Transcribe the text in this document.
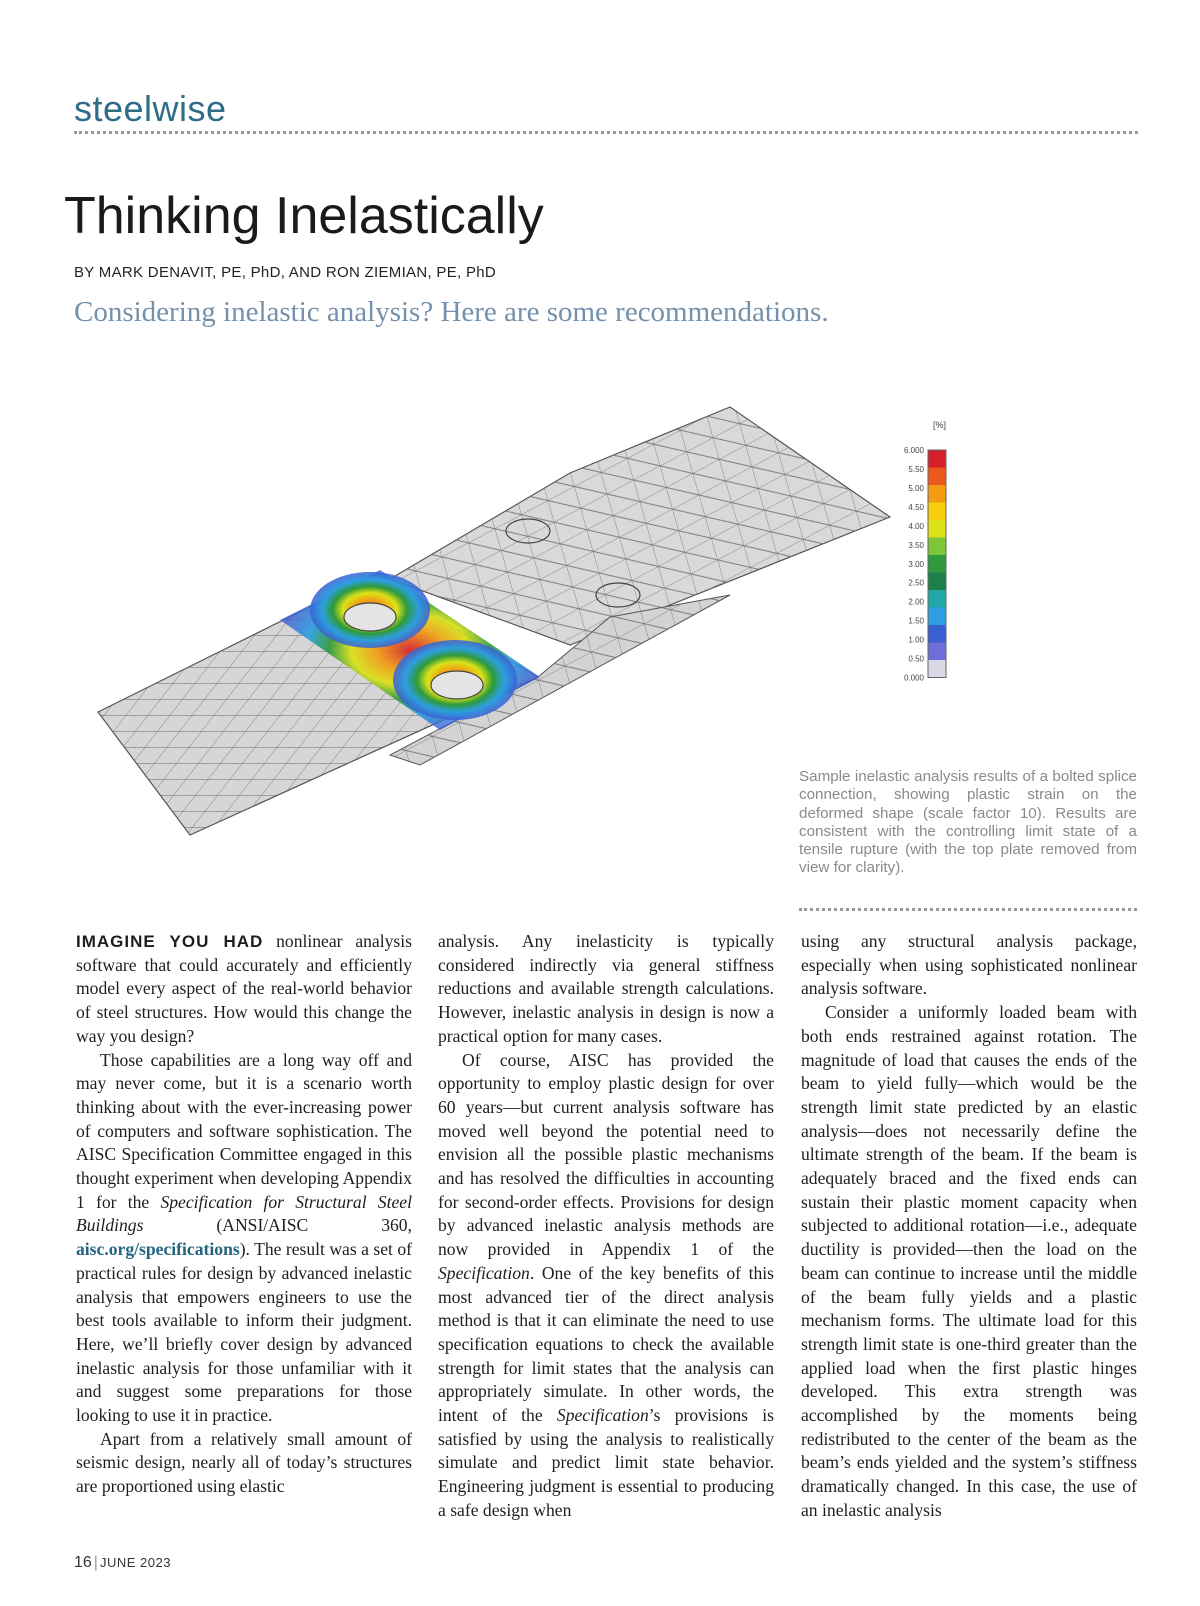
steelwise
Thinking Inelastically
BY MARK DENAVIT, PE, PhD, AND RON ZIEMIAN, PE, PhD
Considering inelastic analysis? Here are some recommendations.
[%]
6.000
5.50
5.00
4.50
4.00
3.50
3.00
2.50
2.00
1.50
1.00
0.50
0.000
Sample inelastic analysis results of a bolted splice connection, showing plastic strain on the deformed shape (scale factor 10). Results are consistent with the controlling limit state of a tensile rupture (with the top plate removed from view for clarity).

IMAGINE YOU HAD nonlinear analysis software that could accurately and efficiently model every aspect of the real-world behavior of steel structures. How would this change the way you design?

Those capabilities are a long way off and may never come, but it is a scenario worth thinking about with the ever-increasing power of computers and software sophistication. The AISC Specification Committee engaged in this thought experiment when developing Appendix 1 for the Specification for Structural Steel Buildings (ANSI/AISC 360, aisc.org/specifications). The result was a set of practical rules for design by advanced inelastic analysis that empowers engineers to use the best tools available to inform their judgment. Here, we’ll briefly cover design by advanced inelastic analysis for those unfamiliar with it and suggest some preparations for those looking to use it in practice.

Apart from a relatively small amount of seismic design, nearly all of today’s structures are proportioned using elastic

analysis. Any inelasticity is typically considered indirectly via general stiffness reductions and available strength calculations. However, inelastic analysis in design is now a practical option for many cases.

Of course, AISC has provided the opportunity to employ plastic design for over 60 years—but current analysis software has moved well beyond the potential need to envision all the possible plastic mechanisms and has resolved the difficulties in accounting for second-order effects. Provisions for design by advanced inelastic analysis methods are now provided in Appendix 1 of the Specification. One of the key benefits of this most advanced tier of the direct analysis method is that it can eliminate the need to use specification equations to check the available strength for limit states that the analysis can appropriately simulate. In other words, the intent of the Specification’s provisions is satisfied by using the analysis to realistically simulate and predict limit state behavior. Engineering judgment is essential to producing a safe design when

using any structural analysis package, especially when using sophisticated nonlinear analysis software.

Consider a uniformly loaded beam with both ends restrained against rotation. The magnitude of load that causes the ends of the beam to yield fully—which would be the strength limit state predicted by an elastic analysis—does not necessarily define the ultimate strength of the beam. If the beam is adequately braced and the fixed ends can sustain their plastic moment capacity when subjected to additional rotation—i.e., adequate ductility is provided—then the load on the beam can continue to increase until the middle of the beam fully yields and a plastic mechanism forms. The ultimate load for this strength limit state is one-third greater than the applied load when the first plastic hinges developed. This extra strength was accomplished by the moments being redistributed to the center of the beam as the beam’s ends yielded and the system’s stiffness dramatically changed. In this case, the use of an inelastic analysis

16 | JUNE 2023
